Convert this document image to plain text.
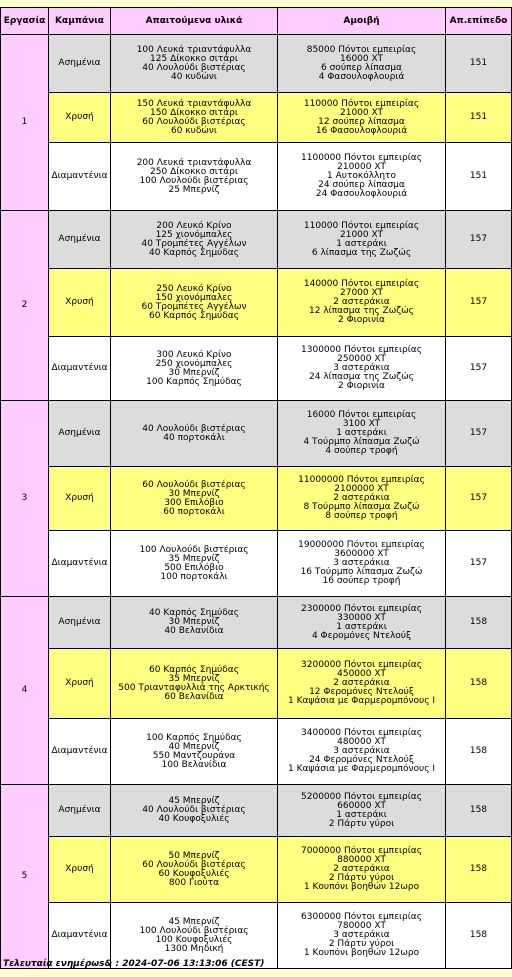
Εργασία	Καμπάνια	Απαιτούμενα υλικά	Αμοιβή	Απ.επίπεδο
1	Ασημένια	100 Λευκά τριαντάφυλλα
125 Δίκοκκο σιτάρι
40 Λουλούδι βιστέριας
40 κυδώνι	85000 Πόντοι εμπειρίας
16000 XT
6 σούπερ λίπασμα
4 Φασουλοφλουριά	151
	Χρυσή	150 Λευκά τριαντάφυλλα
150 Δίκοκκο σιτάρι
60 Λουλούδι βιστέριας
60 κυδώνι	110000 Πόντοι εμπειρίας
21000 XT
12 σούπερ λίπασμα
16 Φασουλοφλουριά	151
	Διαμαντένια	200 Λευκά τριαντάφυλλα
250 Δίκοκκο σιτάρι
100 Λουλούδι βιστέριας
25 Μπερνίζ	1100000 Πόντοι εμπειρίας
210000 XT
1 Αυτοκόλλητο
24 σούπερ λίπασμα
24 Φασουλοφλουριά	151
2	Ασημένια	200 Λευκό Κρίνο
125 χιονόμπαλες
40 Τρομπέτες Αγγέλων
40 Καρπός Σημύδας	110000 Πόντοι εμπειρίας
21000 XT
1 αστεράκι
6 λίπασμα της Ζωζώς	157
	Χρυσή	250 Λευκό Κρίνο
150 χιονόμπαλες
60 Τρομπέτες Αγγέλων
60 Καρπός Σημύδας	140000 Πόντοι εμπειρίας
27000 XT
2 αστεράκια
12 λίπασμα της Ζωζώς
2 Φιορινία	157
	Διαμαντένια	300 Λευκό Κρίνο
250 χιονόμπαλες
30 Μπερνίζ
100 Καρπός Σημύδας	1300000 Πόντοι εμπειρίας
250000 XT
3 αστεράκια
24 λίπασμα της Ζωζώς
2 Φιορινία	157
3	Ασημένια	40 Λουλούδι βιστέριας
40 πορτοκάλι	16000 Πόντοι εμπειρίας
3100 XT
1 αστεράκι
4 Τούρμπο λίπασμα Ζωζώ
4 σούπερ τροφή	157
	Χρυσή	60 Λουλούδι βιστέριας
30 Μπερνίζ
300 Επιλόβιο
60 πορτοκάλι	11000000 Πόντοι εμπειρίας
2100000 XT
2 αστεράκια
8 Τούρμπο λίπασμα Ζωζώ
8 σούπερ τροφή	157
	Διαμαντένια	100 Λουλούδι βιστέριας
35 Μπερνίζ
500 Επιλόβιο
100 πορτοκάλι	19000000 Πόντοι εμπειρίας
3600000 XT
3 αστεράκια
16 Τούρμπο λίπασμα Ζωζώ
16 σούπερ τροφή	157
4	Ασημένια	40 Καρπός Σημύδας
30 Μπερνίζ
40 Βελανίδια	2300000 Πόντοι εμπειρίας
330000 XT
1 αστεράκι
4 Φερομόνες Ντελούξ	158
	Χρυσή	60 Καρπός Σημύδας
35 Μπερνίζ
500 Τριανταφυλλιά της Αρκτικής
60 Βελανίδια	3200000 Πόντοι εμπειρίας
450000 XT
2 αστεράκια
12 Φερομόνες Ντελούξ
1 Καψάσια με Φαρμερομπόνους I	158
	Διαμαντένια	100 Καρπός Σημύδας
40 Μπερνίζ
550 Μαντζουράνα
100 Βελανίδια	3400000 Πόντοι εμπειρίας
480000 XT
3 αστεράκια
24 Φερομόνες Ντελούξ
1 Καψάσια με Φαρμερομπόνους I	158
5	Ασημένια	45 Μπερνίζ
40 Λουλούδι βιστέριας
40 Κουφοξυλιές	5200000 Πόντοι εμπειρίας
660000 XT
1 αστεράκι
2 Πάρτυ γύροι	158
	Χρυσή	50 Μπερνίζ
60 Λουλούδι βιστέριας
60 Κουφοξυλιές
800 Γιούτα	7000000 Πόντοι εμπειρίας
880000 XT
2 αστεράκια
2 Πάρτυ γύροι
1 Κουπόνι βοηθών 12ωρο	158
	Διαμαντένια	45 Μπερνίζ
100 Λουλούδι βιστέριας
100 Κουφοξυλιές
1300 Μηδική	6300000 Πόντοι εμπειρίας
780000 XT
3 αστεράκια
2 Πάρτυ γύροι
1 Κουπόνι βοηθών 12ωρο	158
Τελευταία ενημέρωs& : 2024-07-06 13:13:06 (CEST)
